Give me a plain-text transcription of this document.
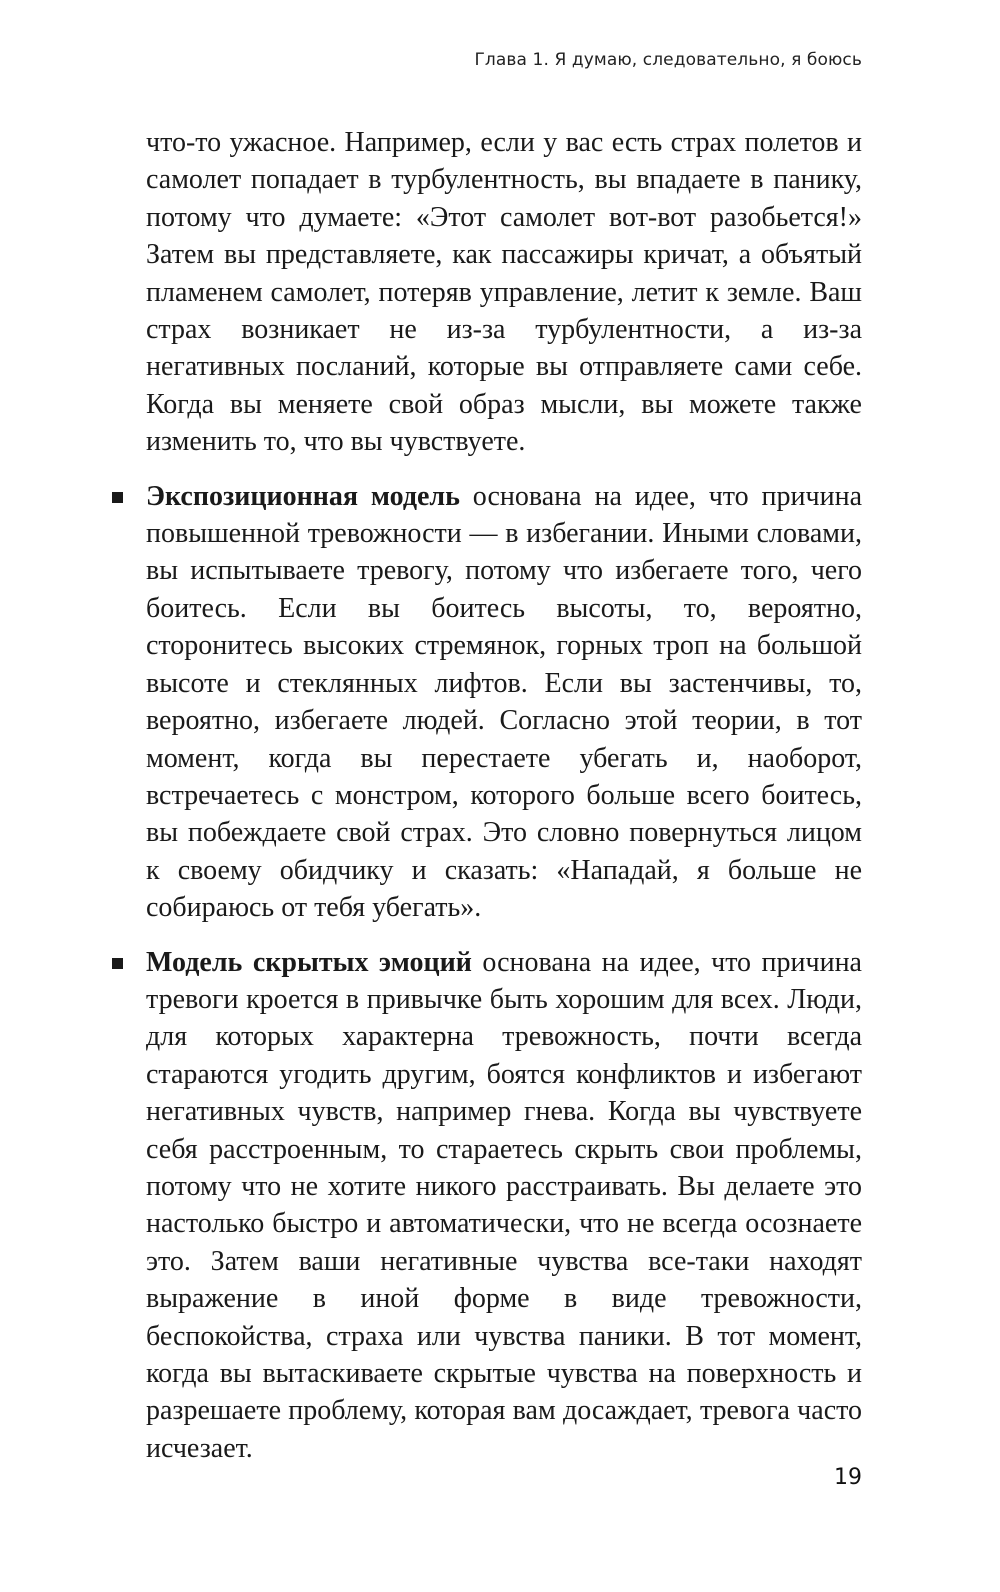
Глава 1. Я думаю, следовательно, я боюсь

что-то ужасное. Например, если у вас есть страх полетов и самолет попадает в турбулентность, вы впадаете в панику, потому что думаете: «Этот самолет вот-вот разобьется!» Затем вы представляете, как пассажиры кричат, а объятый пламенем самолет, потеряв управление, летит к земле. Ваш страх возникает не из-за турбулентности, а из-за негативных посланий, которые вы отправляете сами себе. Когда вы меняете свой образ мысли, вы можете также изменить то, что вы чувствуете.

Экспозиционная модель основана на идее, что причина повышенной тревожности — в избегании. Иными словами, вы испытываете тревогу, потому что избегаете того, чего боитесь. Если вы боитесь высоты, то, вероятно, сторонитесь высоких стремянок, горных троп на большой высоте и стеклянных лифтов. Если вы застенчивы, то, вероятно, избегаете людей. Согласно этой теории, в тот момент, когда вы перестаете убегать и, наоборот, встречаетесь с монстром, которого больше всего боитесь, вы побеждаете свой страх. Это словно повернуться лицом к своему обидчику и сказать: «Нападай, я больше не собираюсь от тебя убегать».

Модель скрытых эмоций основана на идее, что причина тревоги кроется в привычке быть хорошим для всех. Люди, для которых характерна тревожность, почти всегда стараются угодить другим, боятся конфликтов и избегают негативных чувств, например гнева. Когда вы чувствуете себя расстроенным, то стараетесь скрыть свои проблемы, потому что не хотите никого расстраивать. Вы делаете это настолько быстро и автоматически, что не всегда осознаете это. Затем ваши негативные чувства все-таки находят выражение в иной форме в виде тревожности, беспокойства, страха или чувства паники. В тот момент, когда вы вытаскиваете скрытые чувства на поверхность и разрешаете проблему, которая вам досаждает, тревога часто исчезает.

19
